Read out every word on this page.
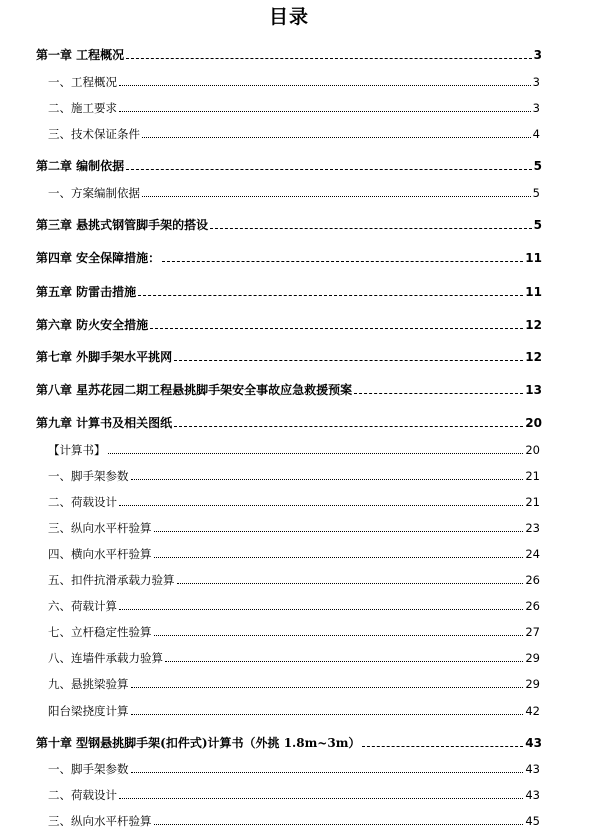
目录
第一章 工程概况	3
一、工程概况	3
二、施工要求	3
三、技术保证条件	4
第二章 编制依据	5
一、方案编制依据	5
第三章 悬挑式钢管脚手架的搭设	5
第四章 安全保障措施：	11
第五章 防雷击措施	11
第六章 防火安全措施	12
第七章 外脚手架水平挑网	12
第八章 星苏花园二期工程悬挑脚手架安全事故应急救援预案	13
第九章 计算书及相关图纸	20
【计算书】	20
一、脚手架参数	21
二、荷载设计	21
三、纵向水平杆验算	23
四、横向水平杆验算	24
五、扣件抗滑承载力验算	26
六、荷载计算	26
七、立杆稳定性验算	27
八、连墙件承载力验算	29
九、悬挑梁验算	29
阳台梁挠度计算	42
第十章 型钢悬挑脚手架(扣件式)计算书（外挑 1.8m~3m）	43
一、脚手架参数	43
二、荷载设计	43
三、纵向水平杆验算	45
